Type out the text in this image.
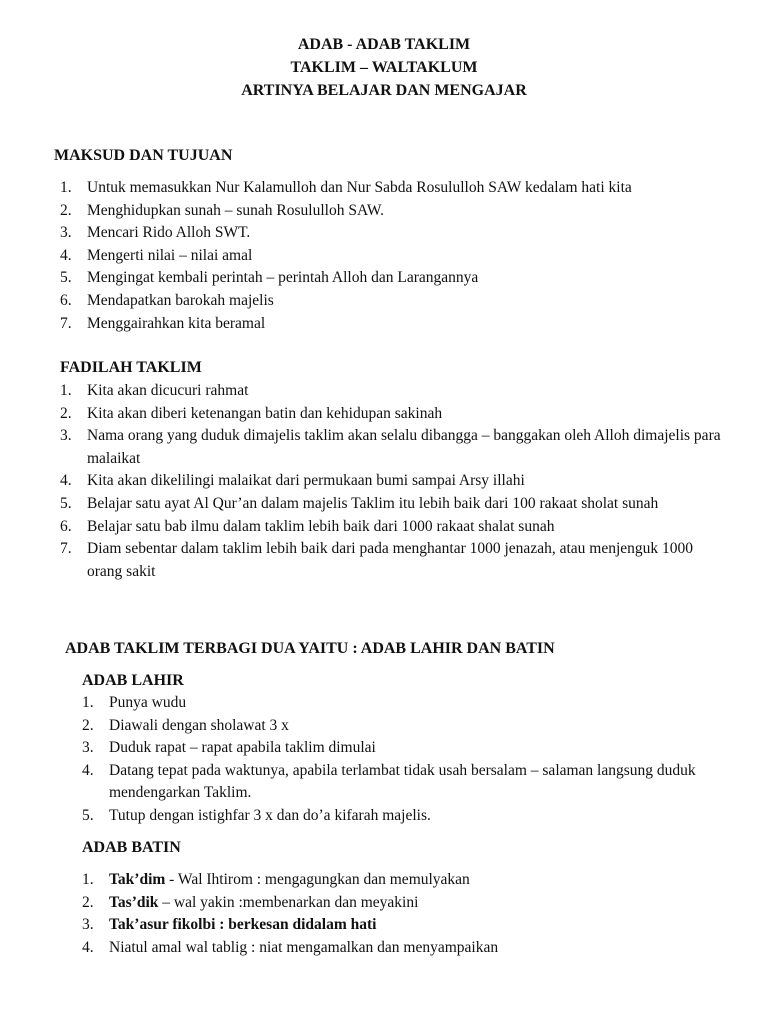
ADAB - ADAB TAKLIM
TAKLIM – WALTAKLUM
ARTINYA BELAJAR DAN MENGAJAR
MAKSUD DAN TUJUAN
1. Untuk memasukkan Nur Kalamulloh dan Nur Sabda Rosululloh SAW kedalam hati kita
2. Menghidupkan sunah – sunah Rosululloh SAW.
3. Mencari Rido Alloh SWT.
4. Mengerti nilai – nilai amal
5. Mengingat kembali perintah – perintah Alloh dan Larangannya
6. Mendapatkan barokah majelis
7. Menggairahkan kita beramal
FADILAH TAKLIM
1. Kita akan dicucuri rahmat
2. Kita akan diberi ketenangan batin dan kehidupan sakinah
3. Nama orang yang duduk dimajelis taklim akan selalu dibangga – banggakan oleh Alloh dimajelis para malaikat
4. Kita akan dikelilingi malaikat dari permukaan bumi sampai Arsy illahi
5. Belajar satu ayat Al Qur’an dalam majelis Taklim itu lebih baik dari 100 rakaat sholat sunah
6. Belajar satu bab ilmu dalam taklim lebih baik dari 1000 rakaat shalat sunah
7. Diam sebentar dalam taklim lebih baik dari pada menghantar 1000 jenazah, atau menjenguk 1000 orang sakit
ADAB TAKLIM TERBAGI DUA YAITU : ADAB LAHIR DAN BATIN
ADAB LAHIR
1. Punya wudu
2. Diawali dengan sholawat 3 x
3. Duduk rapat – rapat apabila taklim dimulai
4. Datang tepat pada waktunya, apabila terlambat tidak usah bersalam – salaman langsung duduk mendengarkan Taklim.
5. Tutup dengan istighfar 3 x dan do’a kifarah majelis.
ADAB BATIN
1. Tak’dim - Wal Ihtirom : mengagungkan dan memulyakan
2. Tas’dik – wal yakin :membenarkan dan meyakini
3. Tak’asur fikolbi : berkesan didalam hati
4. Niatul amal wal tablig : niat mengamalkan dan menyampaikan
